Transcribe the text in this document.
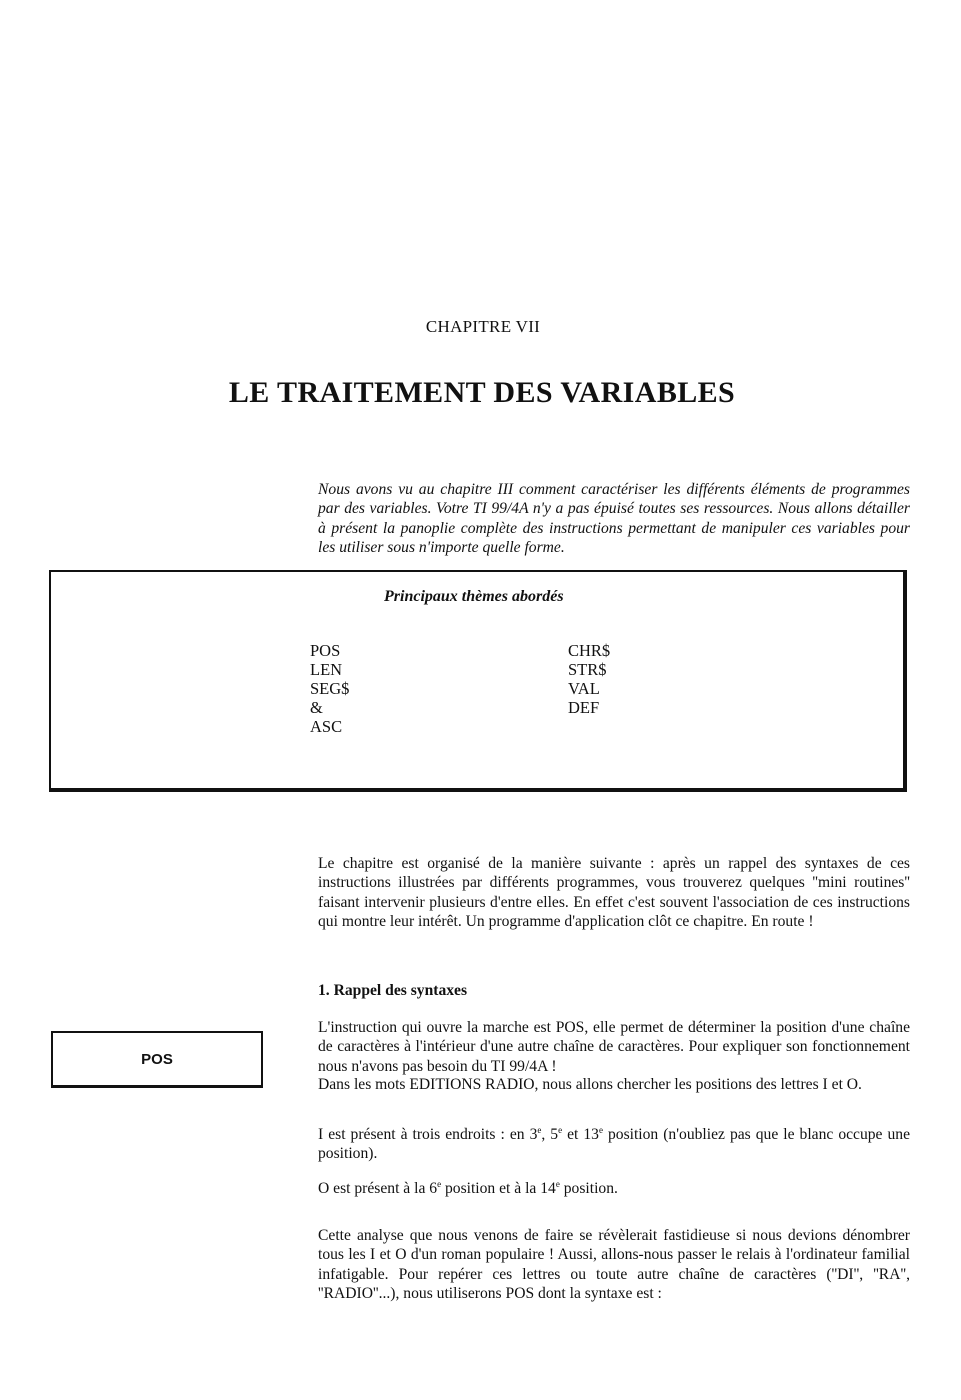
CHAPITRE VII
LE TRAITEMENT DES VARIABLES

Nous avons vu au chapitre III comment caractériser les différents éléments de programmes par des variables. Votre TI 99/4A n'y a pas épuisé toutes ses ressources. Nous allons détailler à présent la panoplie complète des instructions permettant de manipuler ces variables pour les utiliser sous n'importe quelle forme.

Principaux thèmes abordés
POS
LEN
SEG$
&
ASC
CHR$
STR$
VAL
DEF

Le chapitre est organisé de la manière suivante : après un rappel des syntaxes de ces instructions illustrées par différents programmes, vous trouverez quelques ''mini routines'' faisant intervenir plusieurs d'entre elles. En effet c'est souvent l'association de ces instructions qui montre leur intérêt. Un programme d'application clôt ce chapitre. En route !

1. Rappel des syntaxes
POS

L'instruction qui ouvre la marche est POS, elle permet de déterminer la position d'une chaîne de caractères à l'intérieur d'une autre chaîne de caractères. Pour expliquer son fonctionnement nous n'avons pas besoin du TI 99/4A !

Dans les mots EDITIONS RADIO, nous allons chercher les positions des lettres I et O.

I est présent à trois endroits : en 3e, 5e et 13e position (n'oubliez pas que le blanc occupe une position).

O est présent à la 6e position et à la 14e position.

Cette analyse que nous venons de faire se révèlerait fastidieuse si nous devions dénombrer tous les I et O d'un roman populaire ! Aussi, allons-nous passer le relais à l'ordinateur familial infatigable. Pour repérer ces lettres ou toute autre chaîne de caractères (''DI'', ''RA'', ''RADIO''...), nous utiliserons POS dont la syntaxe est :
